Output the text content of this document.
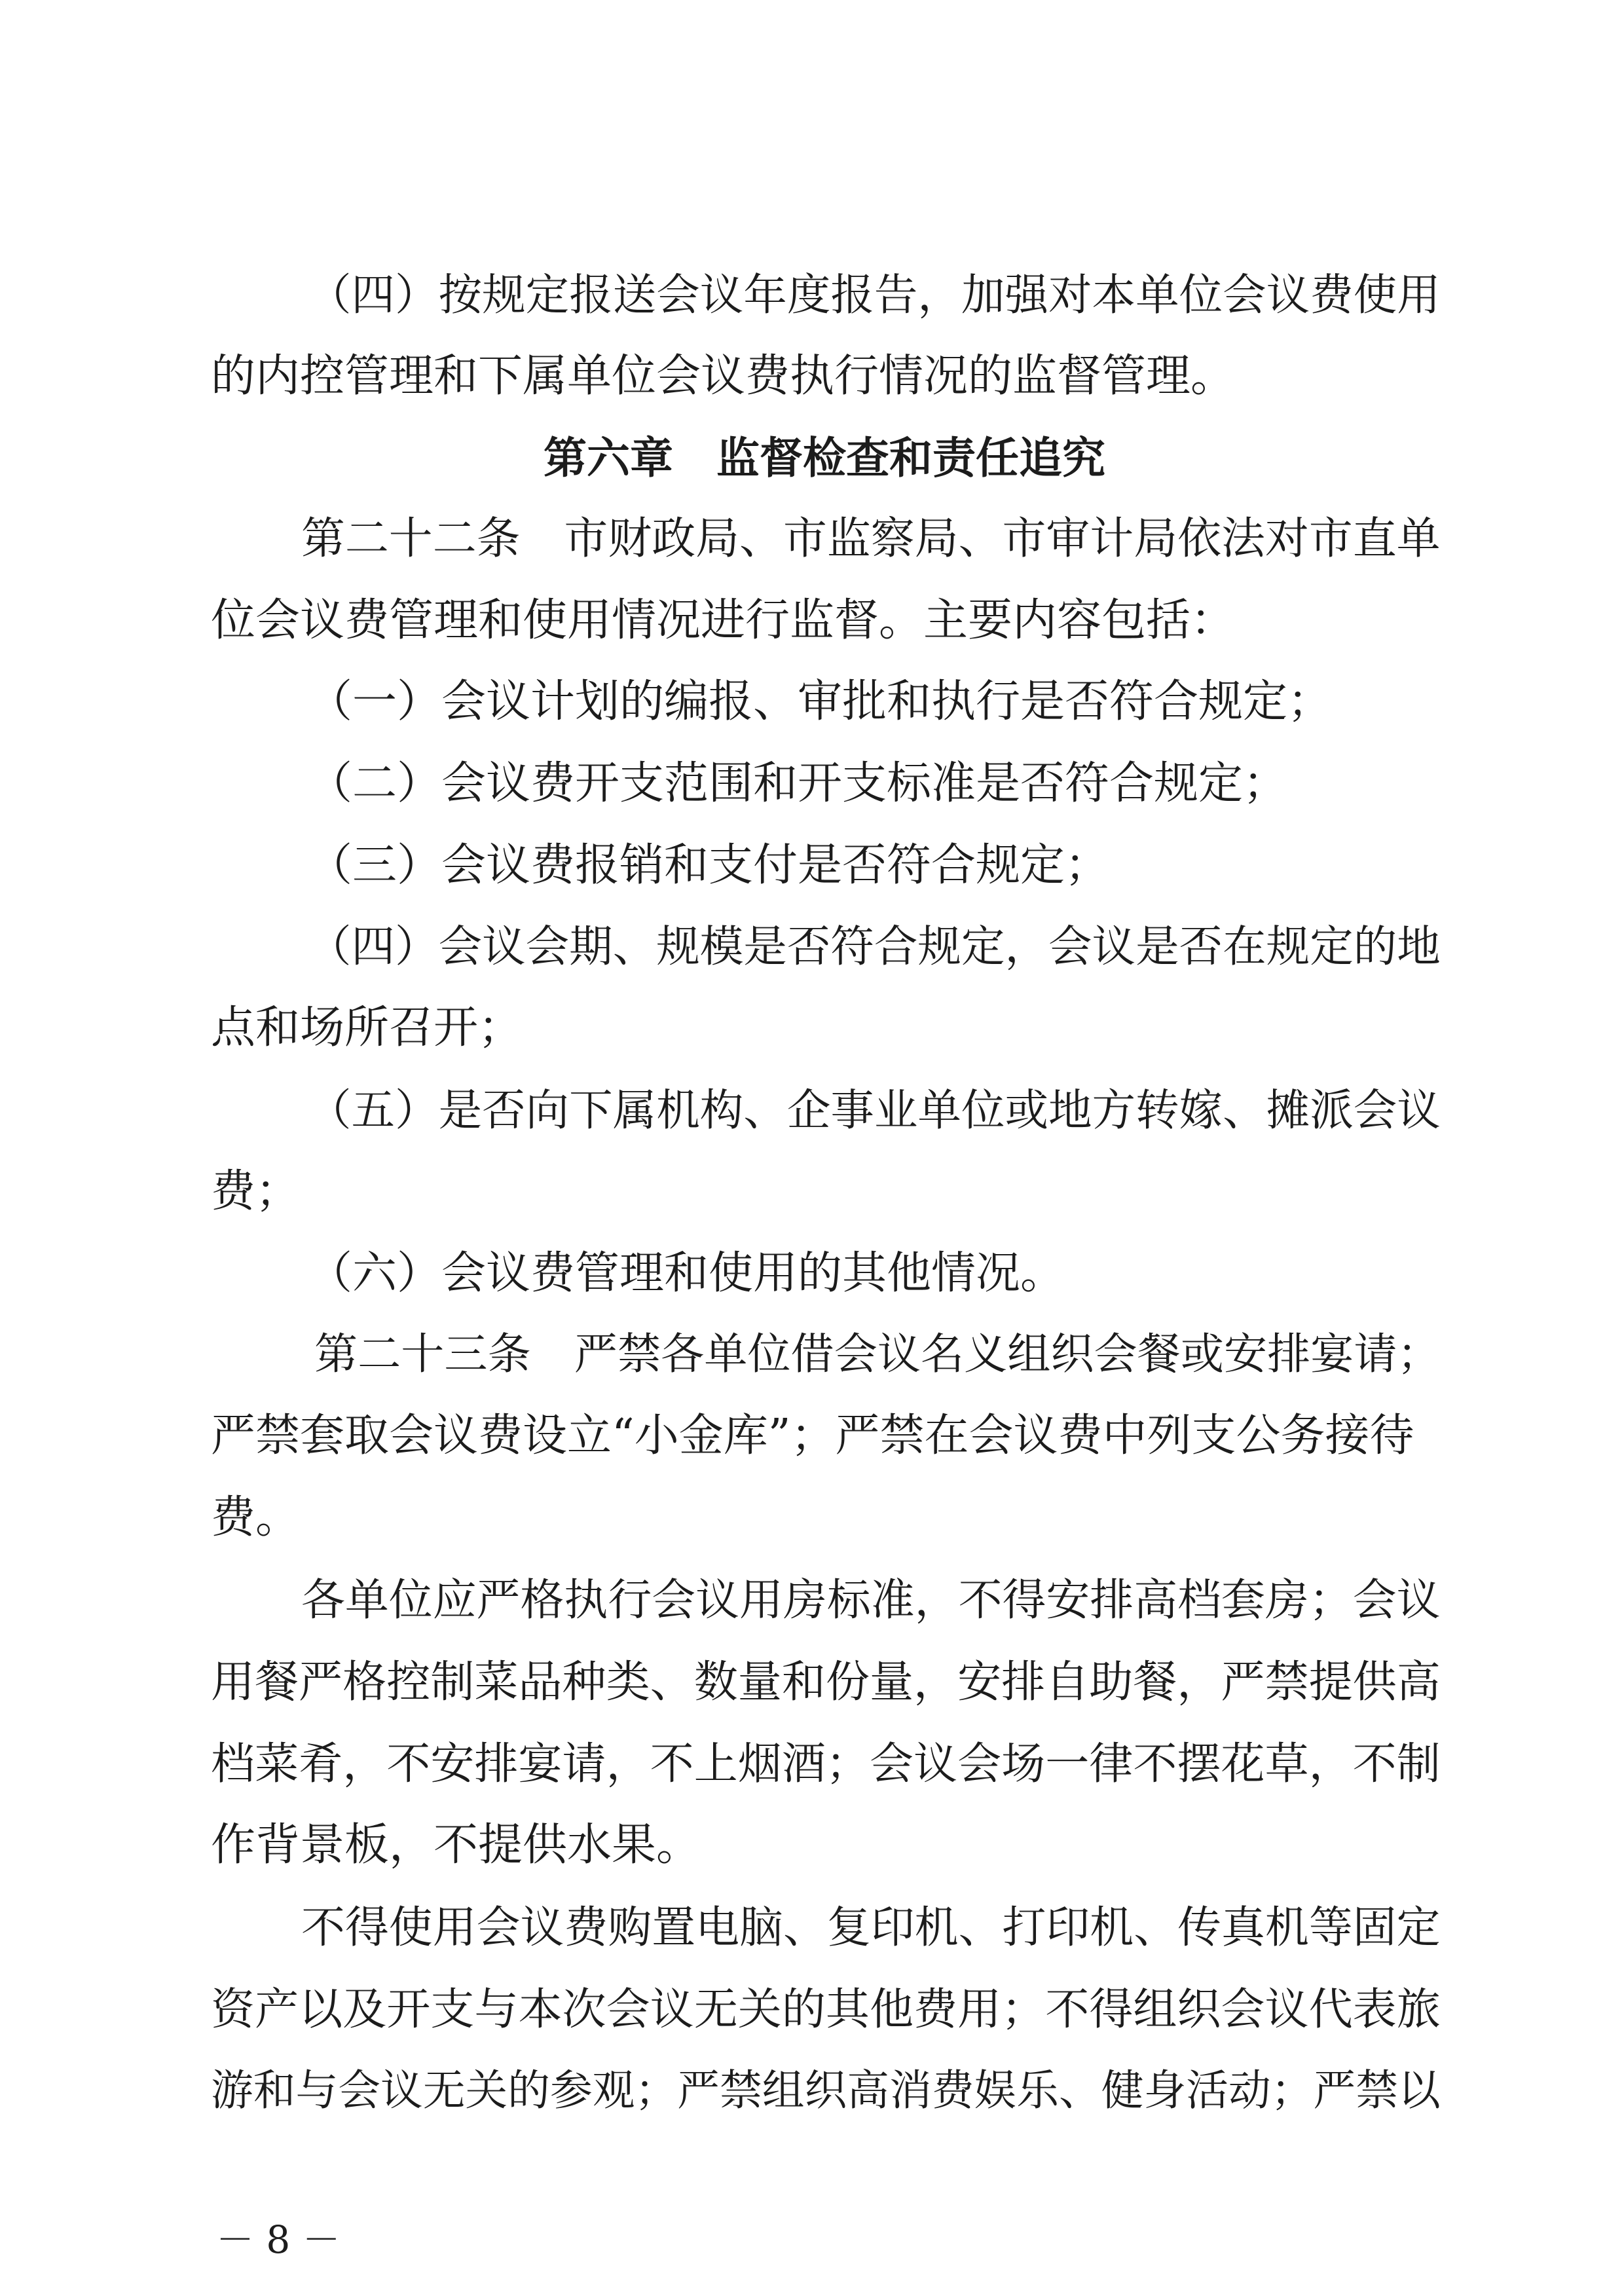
（四）按规定报送会议年度报告，加强对本单位会议费使用
的内控管理和下属单位会议费执行情况的监督管理。
第六章　监督检查和责任追究
第二十二条　市财政局、市监察局、市审计局依法对市直单
位会议费管理和使用情况进行监督。主要内容包括：
（一）会议计划的编报、审批和执行是否符合规定；
（二）会议费开支范围和开支标准是否符合规定；
（三）会议费报销和支付是否符合规定；
（四）会议会期、规模是否符合规定，会议是否在规定的地
点和场所召开；
（五）是否向下属机构、企事业单位或地方转嫁、摊派会议
费；
（六）会议费管理和使用的其他情况。
第二十三条　严禁各单位借会议名义组织会餐或安排宴请；
严禁套取会议费设立“小金库”；严禁在会议费中列支公务接待
费。
各单位应严格执行会议用房标准，不得安排高档套房；会议
用餐严格控制菜品种类、数量和份量，安排自助餐，严禁提供高
档菜肴，不安排宴请，不上烟酒；会议会场一律不摆花草，不制
作背景板，不提供水果。
不得使用会议费购置电脑、复印机、打印机、传真机等固定
资产以及开支与本次会议无关的其他费用；不得组织会议代表旅
游和与会议无关的参观；严禁组织高消费娱乐、健身活动；严禁以
－ 8 －
